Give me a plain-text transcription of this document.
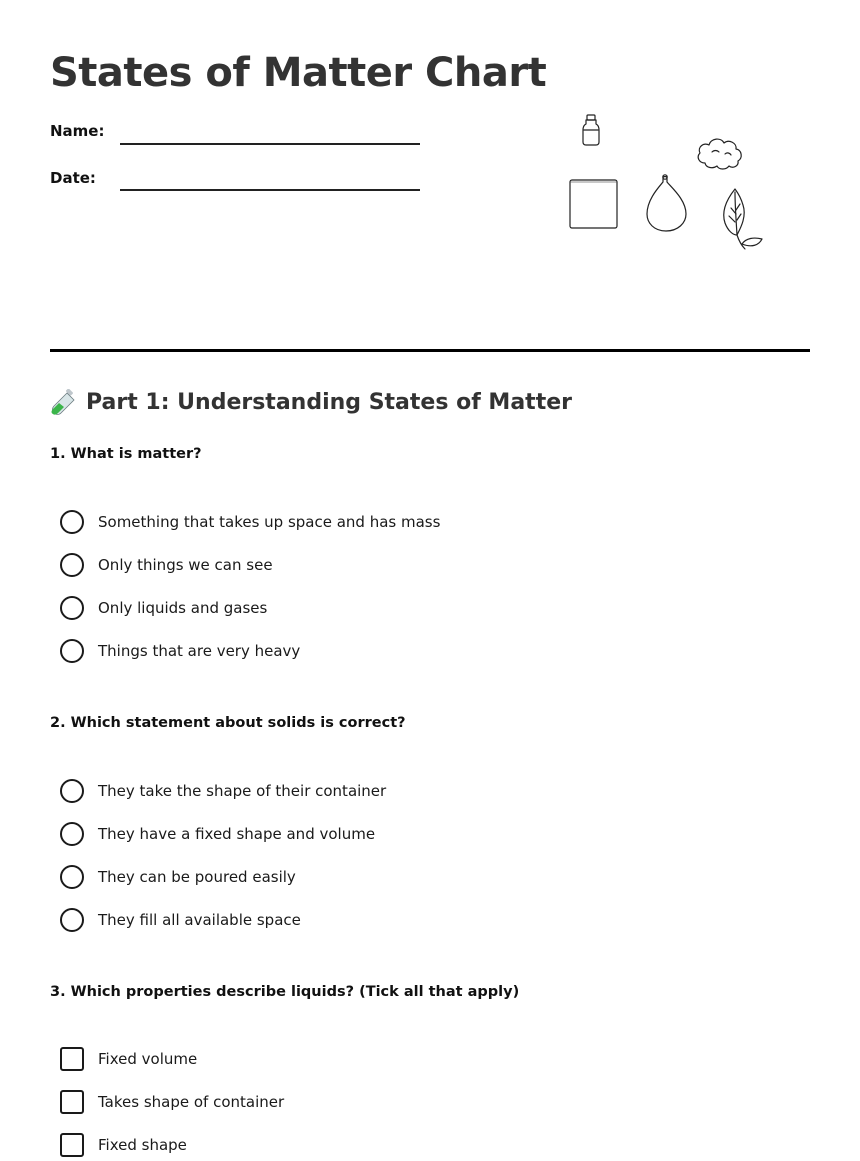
States of Matter Chart
Name:
Date:
Part 1: Understanding States of Matter
1. What is matter?
Something that takes up space and has mass
Only things we can see
Only liquids and gases
Things that are very heavy
2. Which statement about solids is correct?
They take the shape of their container
They have a fixed shape and volume
They can be poured easily
They fill all available space
3. Which properties describe liquids? (Tick all that apply)
Fixed volume
Takes shape of container
Fixed shape
